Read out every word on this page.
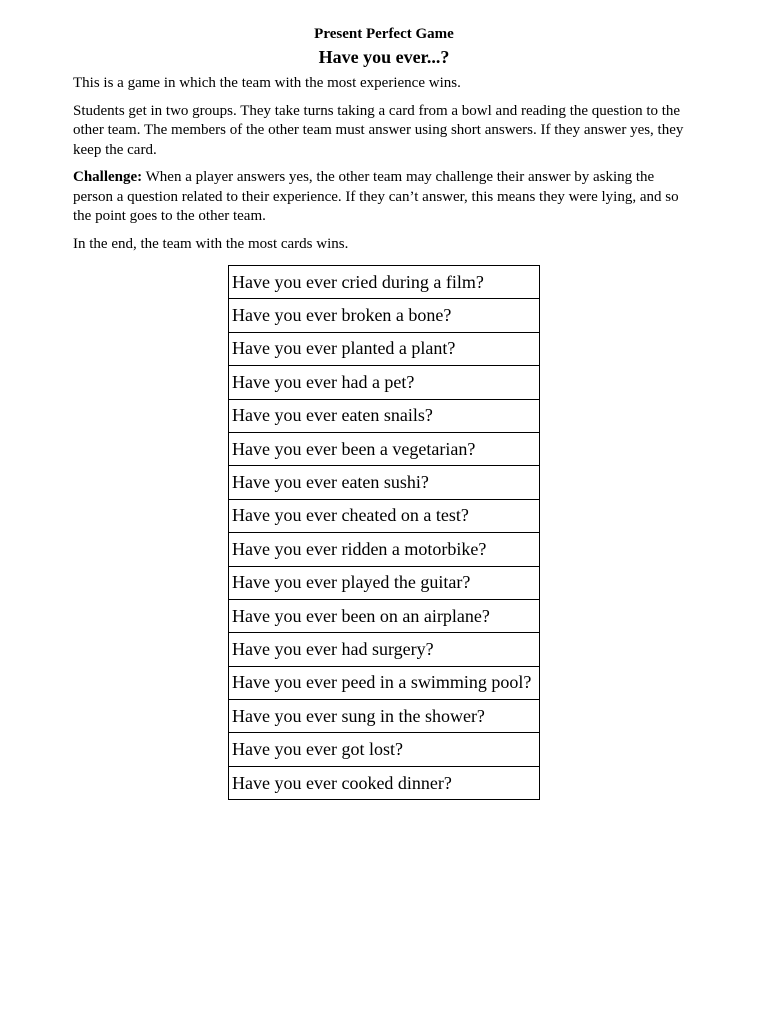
Present Perfect Game
Have you ever...?

This is a game in which the team with the most experience wins.

Students get in two groups. They take turns taking a card from a bowl and reading the question to the other team. The members of the other team must answer using short answers. If they answer yes, they keep the card.

Challenge: When a player answers yes, the other team may challenge their answer by asking the person a question related to their experience. If they can’t answer, this means they were lying, and so the point goes to the other team.

In the end, the team with the most cards wins.

Have you ever cried during a film?
Have you ever broken a bone?
Have you ever planted a plant?
Have you ever had a pet?
Have you ever eaten snails?
Have you ever been a vegetarian?
Have you ever eaten sushi?
Have you ever cheated on a test?
Have you ever ridden a motorbike?
Have you ever played the guitar?
Have you ever been on an airplane?
Have you ever had surgery?
Have you ever peed in a swimming pool?
Have you ever sung in the shower?
Have you ever got lost?
Have you ever cooked dinner?
